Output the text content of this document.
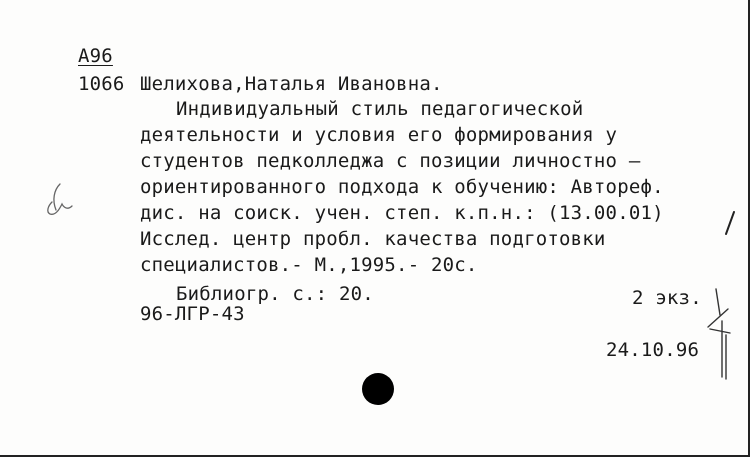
А96
1066 Шелихова,Наталья Ивановна.
Индивидуальный стиль педагогической
деятельности и условия его формирования у
студентов педколледжа с позиции личностно –
ориентированного подхода к обучению: Автореф.
дис. на соиск. учен. степ. к.п.н.: (13.00.01)
Исслед. центр пробл. качества подготовки
специалистов.- М.,1995.- 20с.
Библиогр. с.: 20.	2 экз.
96-ЛГР-43
24.10.96
